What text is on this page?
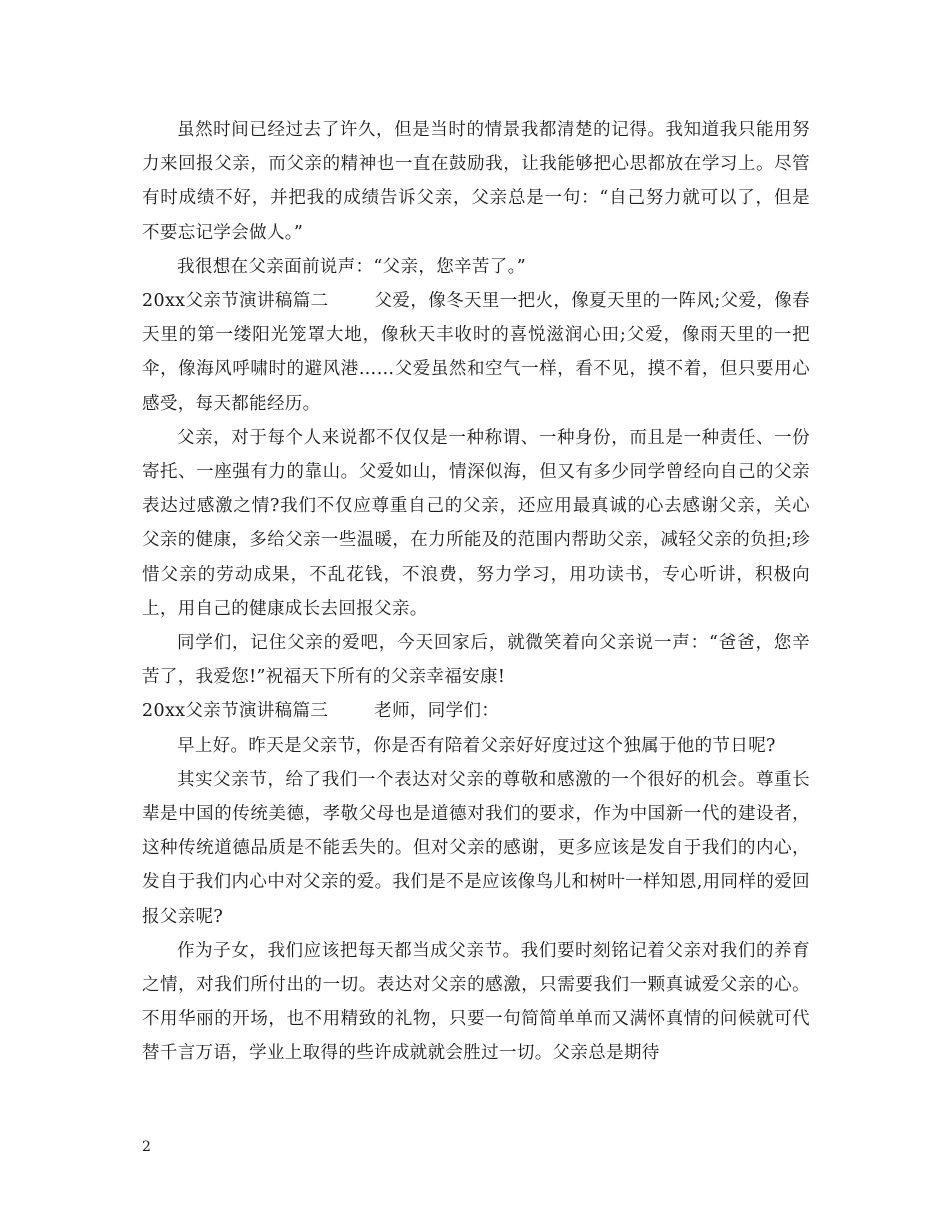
虽然时间已经过去了许久，但是当时的情景我都清楚的记得。我知道我只能用努力来回报父亲，而父亲的精神也一直在鼓励我，让我能够把心思都放在学习上。尽管有时成绩不好，并把我的成绩告诉父亲，父亲总是一句：“自己努力就可以了，但是不要忘记学会做人。”

我很想在父亲面前说声：“父亲，您辛苦了。”

20xx父亲节演讲稿篇二	父爱，像冬天里一把火，像夏天里的一阵风;父爱，像春天里的第一缕阳光笼罩大地，像秋天丰收时的喜悦滋润心田;父爱，像雨天里的一把伞，像海风呼啸时的避风港……父爱虽然和空气一样，看不见，摸不着，但只要用心感受，每天都能经历。

父亲，对于每个人来说都不仅仅是一种称谓、一种身份，而且是一种责任、一份寄托、一座强有力的靠山。父爱如山，情深似海，但又有多少同学曾经向自己的父亲表达过感激之情?我们不仅应尊重自己的父亲，还应用最真诚的心去感谢父亲，关心父亲的健康，多给父亲一些温暖，在力所能及的范围内帮助父亲，减轻父亲的负担;珍惜父亲的劳动成果，不乱花钱，不浪费，努力学习，用功读书，专心听讲，积极向上，用自己的健康成长去回报父亲。

同学们，记住父亲的爱吧，今天回家后，就微笑着向父亲说一声：“爸爸，您辛苦了，我爱您!”祝福天下所有的父亲幸福安康!

20xx父亲节演讲稿篇三	老师，同学们：

早上好。昨天是父亲节，你是否有陪着父亲好好度过这个独属于他的节日呢?

其实父亲节，给了我们一个表达对父亲的尊敬和感激的一个很好的机会。尊重长辈是中国的传统美德，孝敬父母也是道德对我们的要求，作为中国新一代的建设者，这种传统道德品质是不能丢失的。但对父亲的感谢，更多应该是发自于我们的内心，发自于我们内心中对父亲的爱。我们是不是应该像鸟儿和树叶一样知恩,用同样的爱回报父亲呢?

作为子女，我们应该把每天都当成父亲节。我们要时刻铭记着父亲对我们的养育之情，对我们所付出的一切。表达对父亲的感激，只需要我们一颗真诚爱父亲的心。不用华丽的开场，也不用精致的礼物，只要一句简简单单而又满怀真情的问候就可代替千言万语，学业上取得的些许成就就会胜过一切。父亲总是期待

2
